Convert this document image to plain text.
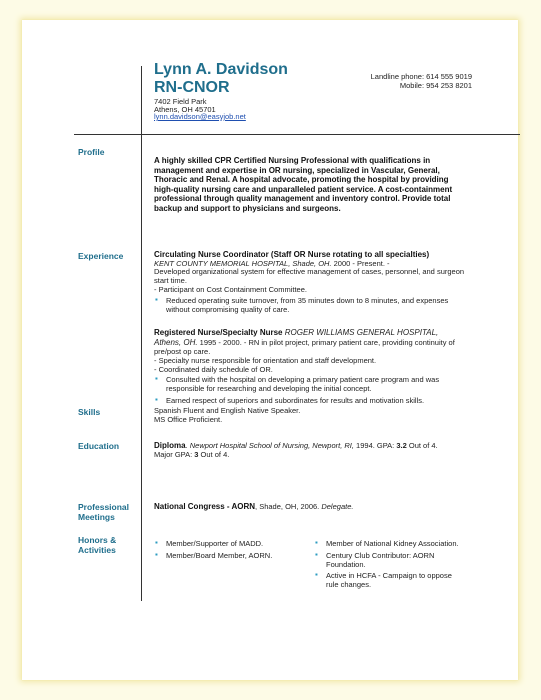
Lynn A. Davidson
RN-CNOR
7402 Field Park
Athens, OH 45701
lynn.davidson@easyjob.net
Landline phone: 614 555 9019
Mobile: 954 253 8201
Profile
A highly skilled CPR Certified Nursing Professional with qualifications in management and expertise in OR nursing, specialized in Vascular, General, Thoracic and Renal. A hospital advocate, promoting the hospital by providing high-quality nursing care and unparalleled patient service. A cost-containment professional through quality management and inventory control. Provide total backup and support to physicians and surgeons.
Experience	Circulating Nurse Coordinator (Staff OR Nurse rotating to all specialties)
KENT COUNTY MEMORIAL HOSPITAL, Shade, OH. 2000 - Present. -
Developed organizational system for effective management of cases, personnel, and surgeon start time.
- Participant on Cost Containment Committee.
▪ Reduced operating suite turnover, from 35 minutes down to 8 minutes, and expenses without compromising quality of care.
Registered Nurse/Specialty Nurse ROGER WILLIAMS GENERAL HOSPITAL, Athens, OH. 1995 - 2000. - RN in pilot project, primary patient care, providing continuity of pre/post op care.
- Specialty nurse responsible for orientation and staff development.
- Coordinated daily schedule of OR.
▪ Consulted with the hospital on developing a primary patient care program and was responsible for researching and developing the initial concept.
▪ Earned respect of superiors and subordinates for results and motivation skills.
Skills	Spanish Fluent and English Native Speaker.
MS Office Proficient.
Education	Diploma. Newport Hospital School of Nursing, Newport, RI, 1994. GPA: 3.2 Out of 4. Major GPA: 3 Out of 4.
Professional
Meetings
National Congress - AORN, Shade, OH, 2006. Delegate.
Honors &
Activities
▪ Member/Supporter of MADD.
▪ Member/Board Member, AORN.
▪ Member of National Kidney Association.
▪ Century Club Contributor: AORN Foundation.
▪ Active in HCFA - Campaign to oppose rule changes.
